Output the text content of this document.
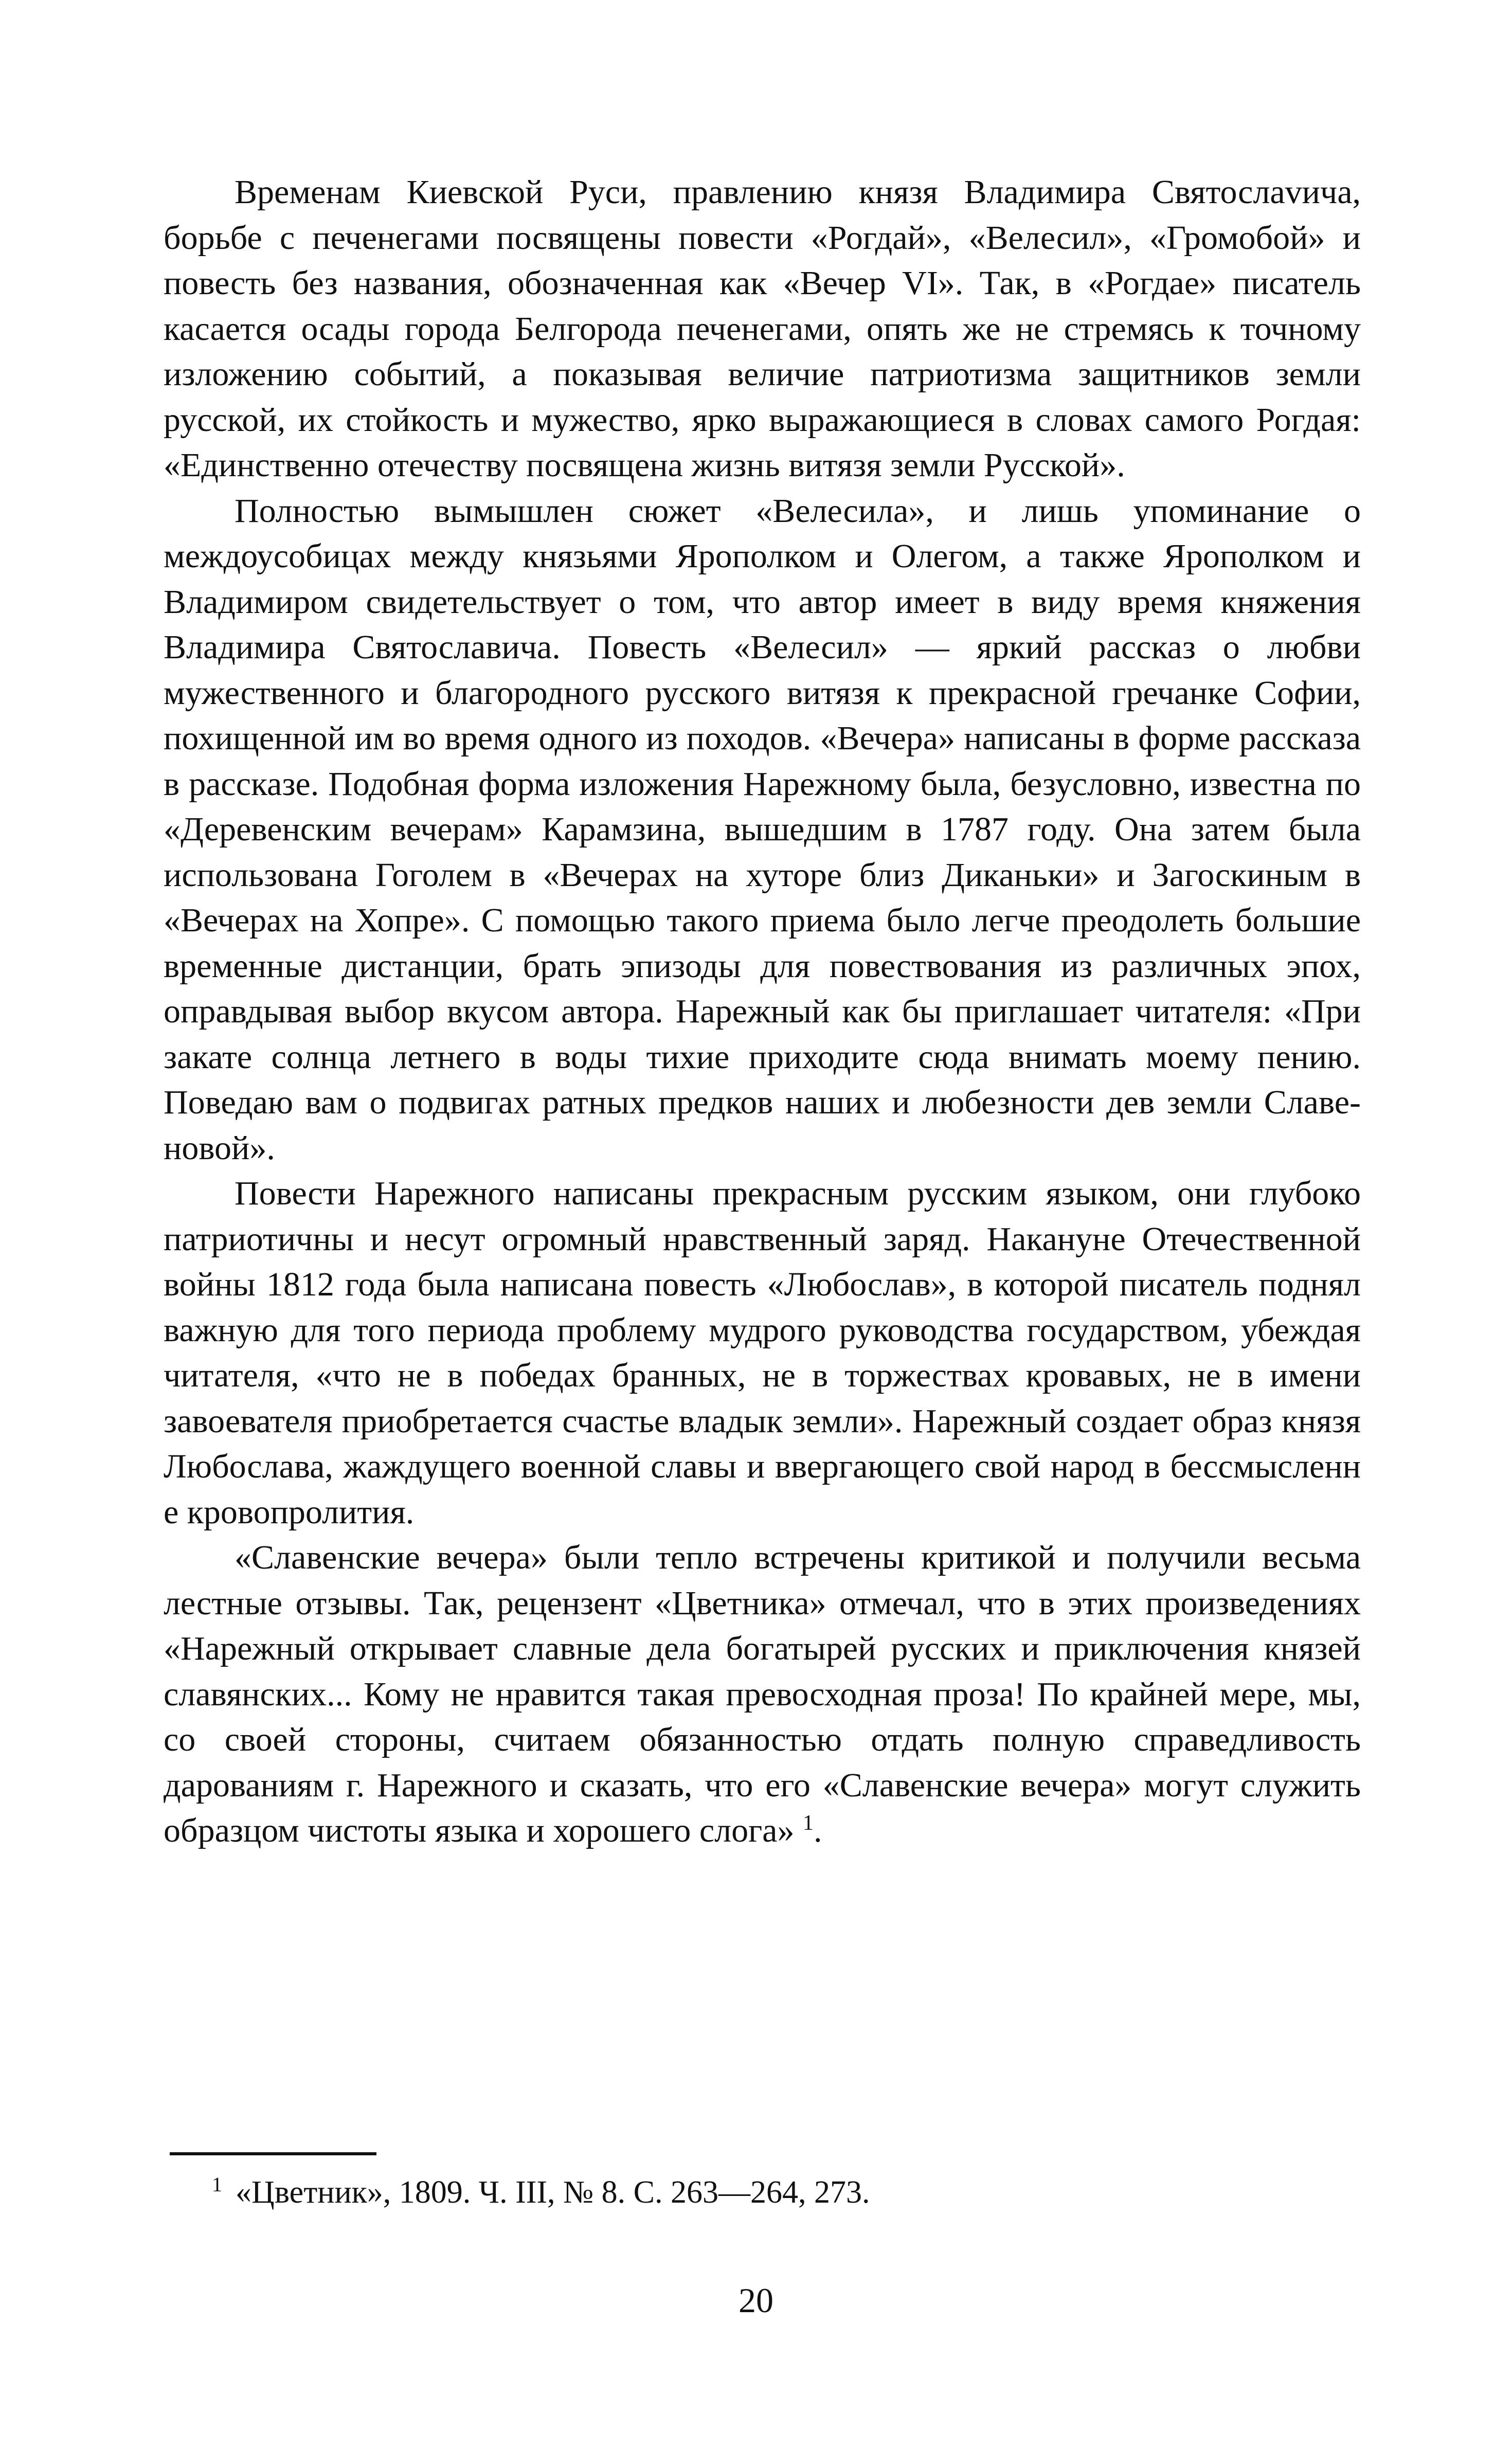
Временам Киевской Руси, правлению князя Владимира Святослаvича, борьбе с печенегами посвящены повести «Рогдай», «Велесил», «Громобой» и повесть без названия, обозначенная как «Вечер VI». Так, в «Рогдае» писатель касается осады города Белгорода печенегами, опять же не стремясь к точному изложению событий, а показывая величие патриотизма защитников земли русской, их стойкость и мужество, ярко выражающиеся в словах самого Рогдая: «Единственно отечеству посвящена жизнь витязя земли Русской».

Полностью вымышлен сюжет «Велесила», и лишь упоминание о междоусобицах между князьями Ярополком и Олегом, а также Ярополком и Владимиром свидетельствует о том, что автор имеет в виду время княжения Владимира Святославича. Повесть «Велесил» — яркий рассказ о любви мужественного и благородного русского витязя к прекрасной гречанке Софии, похищенной им во время одного из походов. «Вечера» написаны в форме рассказа в рассказе. Подобная форма изложения Нарежному была, безусловно, известна по «Деревенским вечерам» Карамзина, вышедшим в 1787 году. Она затем была использована Гоголем в «Вечерах на хуторе близ Диканьки» и Загоскиным в «Вечерах на Хопре». С помощью такого приема было легче преодолеть большие временные дистанции, брать эпизоды для повествования из различных эпох, оправдывая выбор вкусом автора. Нарежный как бы приглашает читателя: «При закате солнца летнего в воды тихие приходите сюда внимать моему пению. Поведаю вам о подвигах ратных предков наших и любезности дев земли Славеновой».

Повести Нарежного написаны прекрасным русским языком, они глубоко патриотичны и несут огромный нравственный заряд. Накануне Отечественной войны 1812 года была написана повесть «Любослав», в которой писатель поднял важную для того периода проблему мудрого руководства государством, убеждая читателя, «что не в победах бранных, не в торжествах кровавых, не в имени завоевателя приобретается счастье владык земли». Нарежный создает образ князя Любослава, жаждущего военной славы и ввергающего свой народ в бессмысленн е кровопролития.

«Славенские вечера» были тепло встречены критикой и получили весьма лестные отзывы. Так, рецензент «Цветника» отмечал, что в этих произведениях «Нарежный открывает славные дела богатырей русских и приключения князей славянских... Кому не нравится такая превосходная проза! По крайней мере, мы, со своей стороны, считаем обязанностью отдать полную справедливость дарованиям г. Нарежного и сказать, что его «Славенские вечера» могут служить образцом чистоты языка и хорошего слога» $^1$.

$^1$ «Цветник», 1809. Ч. III, № 8. С. 263—264, 273.
20
